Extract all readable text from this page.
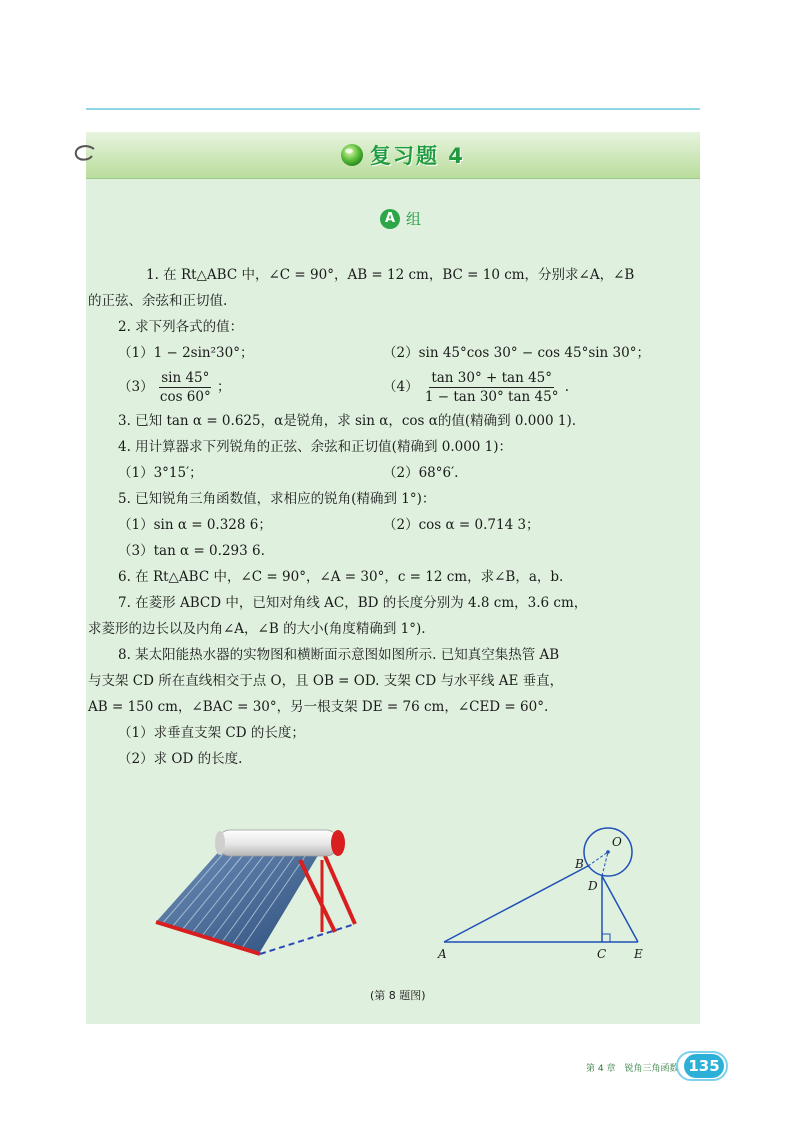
复习题 4
A 组

1. 在 Rt△ABC 中，∠C = 90°，AB = 12 cm，BC = 10 cm，分别求∠A，∠B

的正弦、余弦和正切值.

2. 求下列各式的值：

（1）1 − 2sin²30°；	（2）sin 45°cos 30° − cos 45°sin 30°；
$(3) \frac{\sin 45^\circ}{\cos 60^\circ}$ ；	$(4) \frac{\tan 30^\circ + \tan 45^\circ}{1 - \tan 30^\circ \tan 45^\circ}$ .

3. 已知 tan α = 0.625，α是锐角，求 sin α，cos α的值(精确到 0.000 1).

4. 用计算器求下列锐角的正弦、余弦和正切值(精确到 0.000 1)：

（1）3°15′；	（2）68°6′.

5. 已知锐角三角函数值，求相应的锐角(精确到 1°)：

（1）sin α = 0.328 6；	（2）cos α = 0.714 3；

（3）tan α = 0.293 6.

6. 在 Rt△ABC 中，∠C = 90°，∠A = 30°，c = 12 cm，求∠B，a，b.

7. 在菱形 ABCD 中，已知对角线 AC，BD 的长度分别为 4.8 cm，3.6 cm，

求菱形的边长以及内角∠A，∠B 的大小(角度精确到 1°).

8. 某太阳能热水器的实物图和横断面示意图如图所示. 已知真空集热管 AB

与支架 CD 所在直线相交于点 O，且 OB = OD. 支架 CD 与水平线 AE 垂直，

AB = 150 cm，∠BAC = 30°，另一根支架 DE = 76 cm，∠CED = 60°.

（1）求垂直支架 CD 的长度；

（2）求 OD 的长度.

O
B
D
A	C E
(第 8 题图)
第 4 章　锐角三角函数 135
